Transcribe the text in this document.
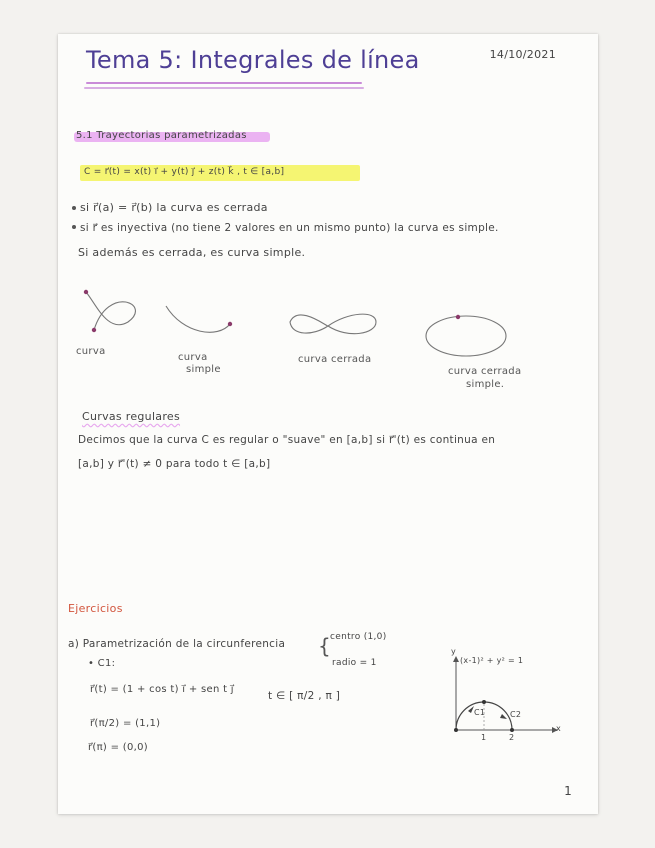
Tema 5: Integrales de línea	14/10/2021
5.1 Trayectorias parametrizadas
C = r⃗(t) = x(t) i⃗ + y(t) j⃗ + z(t) k⃗ , t ∈ [a,b]
si r⃗(a) = r⃗(b) la curva es cerrada
si r⃗ es inyectiva (no tiene 2 valores en un mismo punto) la curva es simple.
Si además es cerrada, es curva simple.
curva
curva
simple
curva cerrada
curva cerrada
simple.
Curvas regulares
Decimos que la curva C es regular o "suave" en [a,b] si r⃗'(t) es continua en
[a,b] y r⃗'(t) ≠ 0 para todo t ∈ [a,b]
Ejercicios
a) Parametrización de la circunferencia {
centro (1,0)
radio = 1
• C1:
r⃗(t) = (1 + cos t) i⃗ + sen t j⃗
t ∈ [ π/2 , π ]
r⃗(π/2) = (1,1)
r⃗(π) = (0,0)
(x-1)² + y² = 1
x
y
1	2
C1	C2
1
